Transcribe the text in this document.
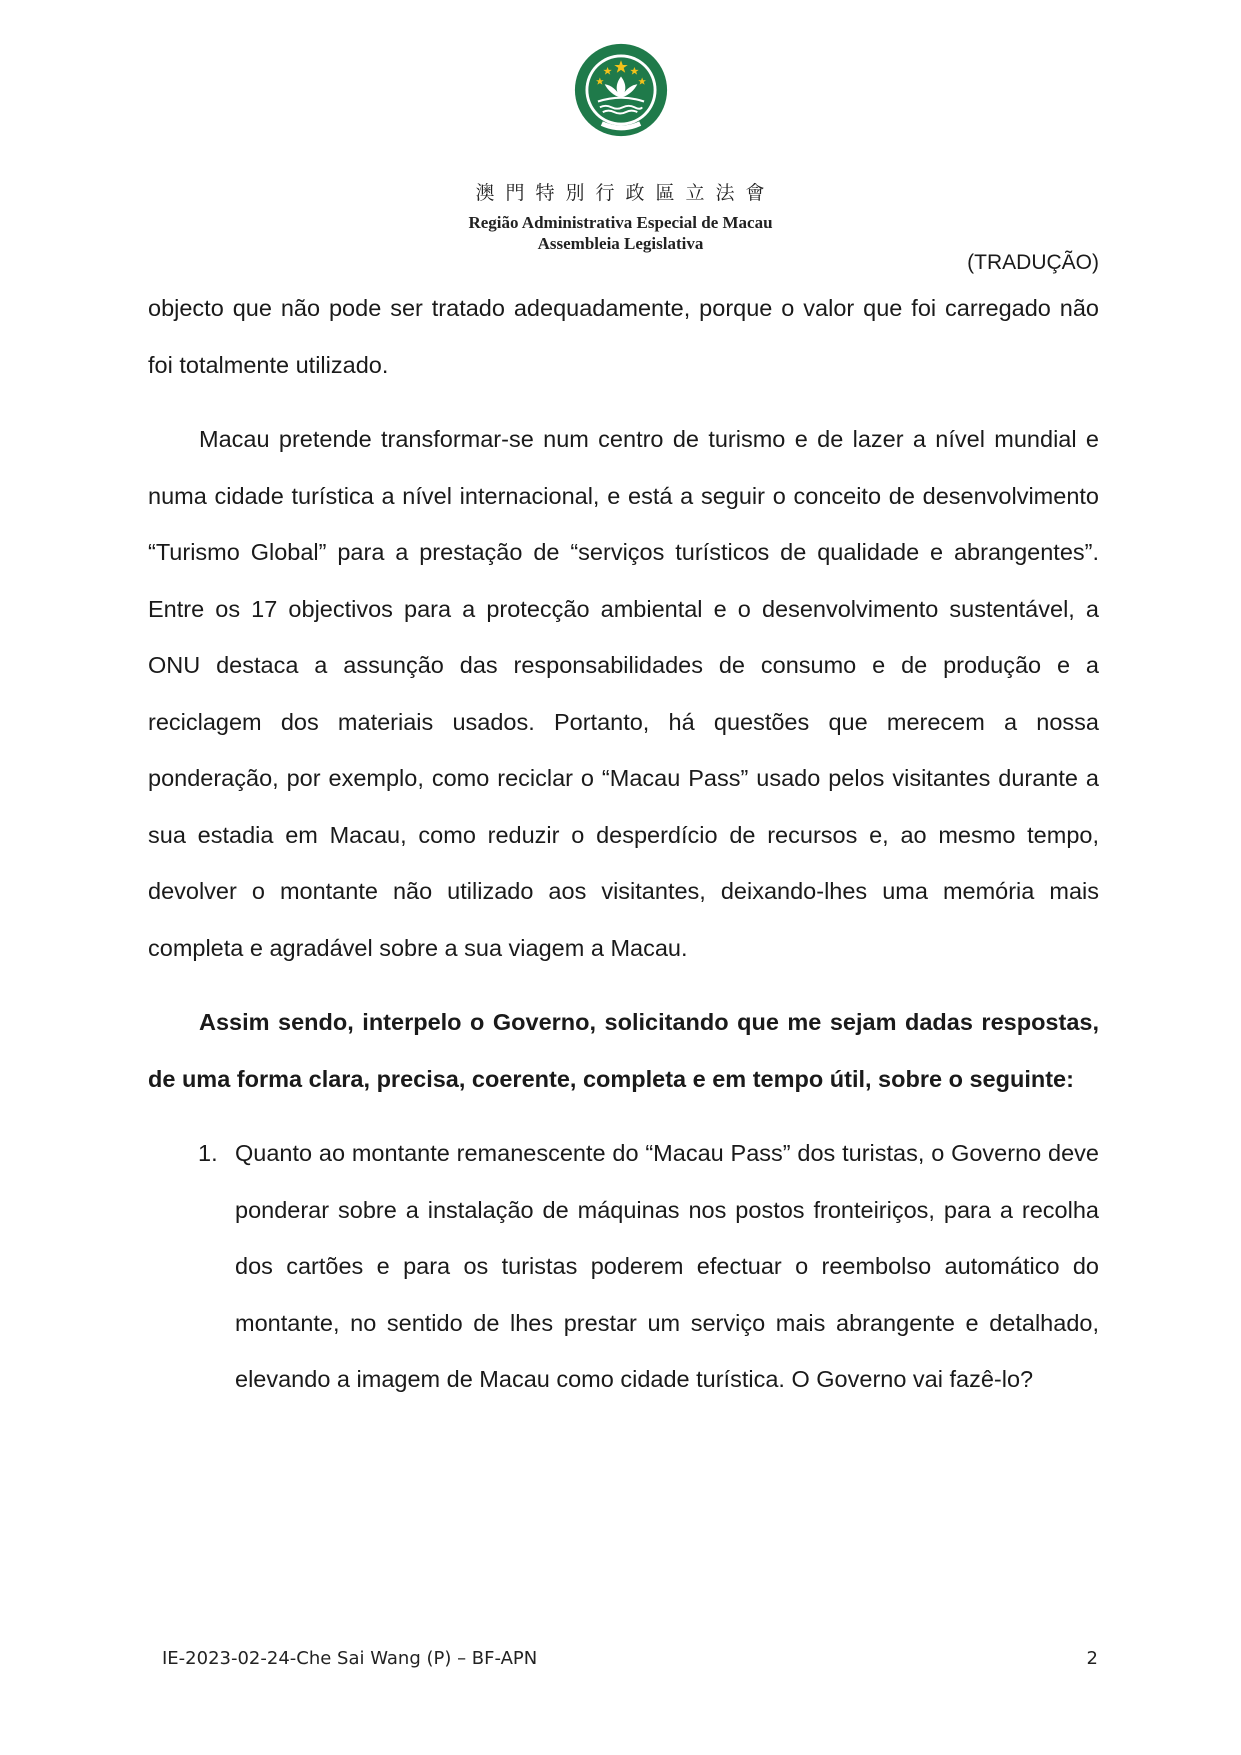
澳門特別行政區立法會
Região Administrativa Especial de Macau
Assembleia Legislativa
(TRADUÇÃO)

objecto que não pode ser tratado adequadamente, porque o valor que foi carregado não foi totalmente utilizado.

Macau pretende transformar-se num centro de turismo e de lazer a nível mundial e numa cidade turística a nível internacional, e está a seguir o conceito de desenvolvimento “Turismo Global” para a prestação de “serviços turísticos de qualidade e abrangentes”. Entre os 17 objectivos para a protecção ambiental e o desenvolvimento sustentável, a ONU destaca a assunção das responsabilidades de consumo e de produção e a reciclagem dos materiais usados. Portanto, há questões que merecem a nossa ponderação, por exemplo, como reciclar o “Macau Pass” usado pelos visitantes durante a sua estadia em Macau, como reduzir o desperdício de recursos e, ao mesmo tempo, devolver o montante não utilizado aos visitantes, deixando-lhes uma memória mais completa e agradável sobre a sua viagem a Macau.

Assim sendo, interpelo o Governo, solicitando que me sejam dadas respostas, de uma forma clara, precisa, coerente, completa e em tempo útil, sobre o seguinte:

1. Quanto ao montante remanescente do “Macau Pass” dos turistas, o Governo deve ponderar sobre a instalação de máquinas nos postos fronteiriços, para a recolha dos cartões e para os turistas poderem efectuar o reembolso automático do montante, no sentido de lhes prestar um serviço mais abrangente e detalhado, elevando a imagem de Macau como cidade turística. O Governo vai fazê-lo?
IE-2023-02-24-Che Sai Wang (P) – BF-APN	2
